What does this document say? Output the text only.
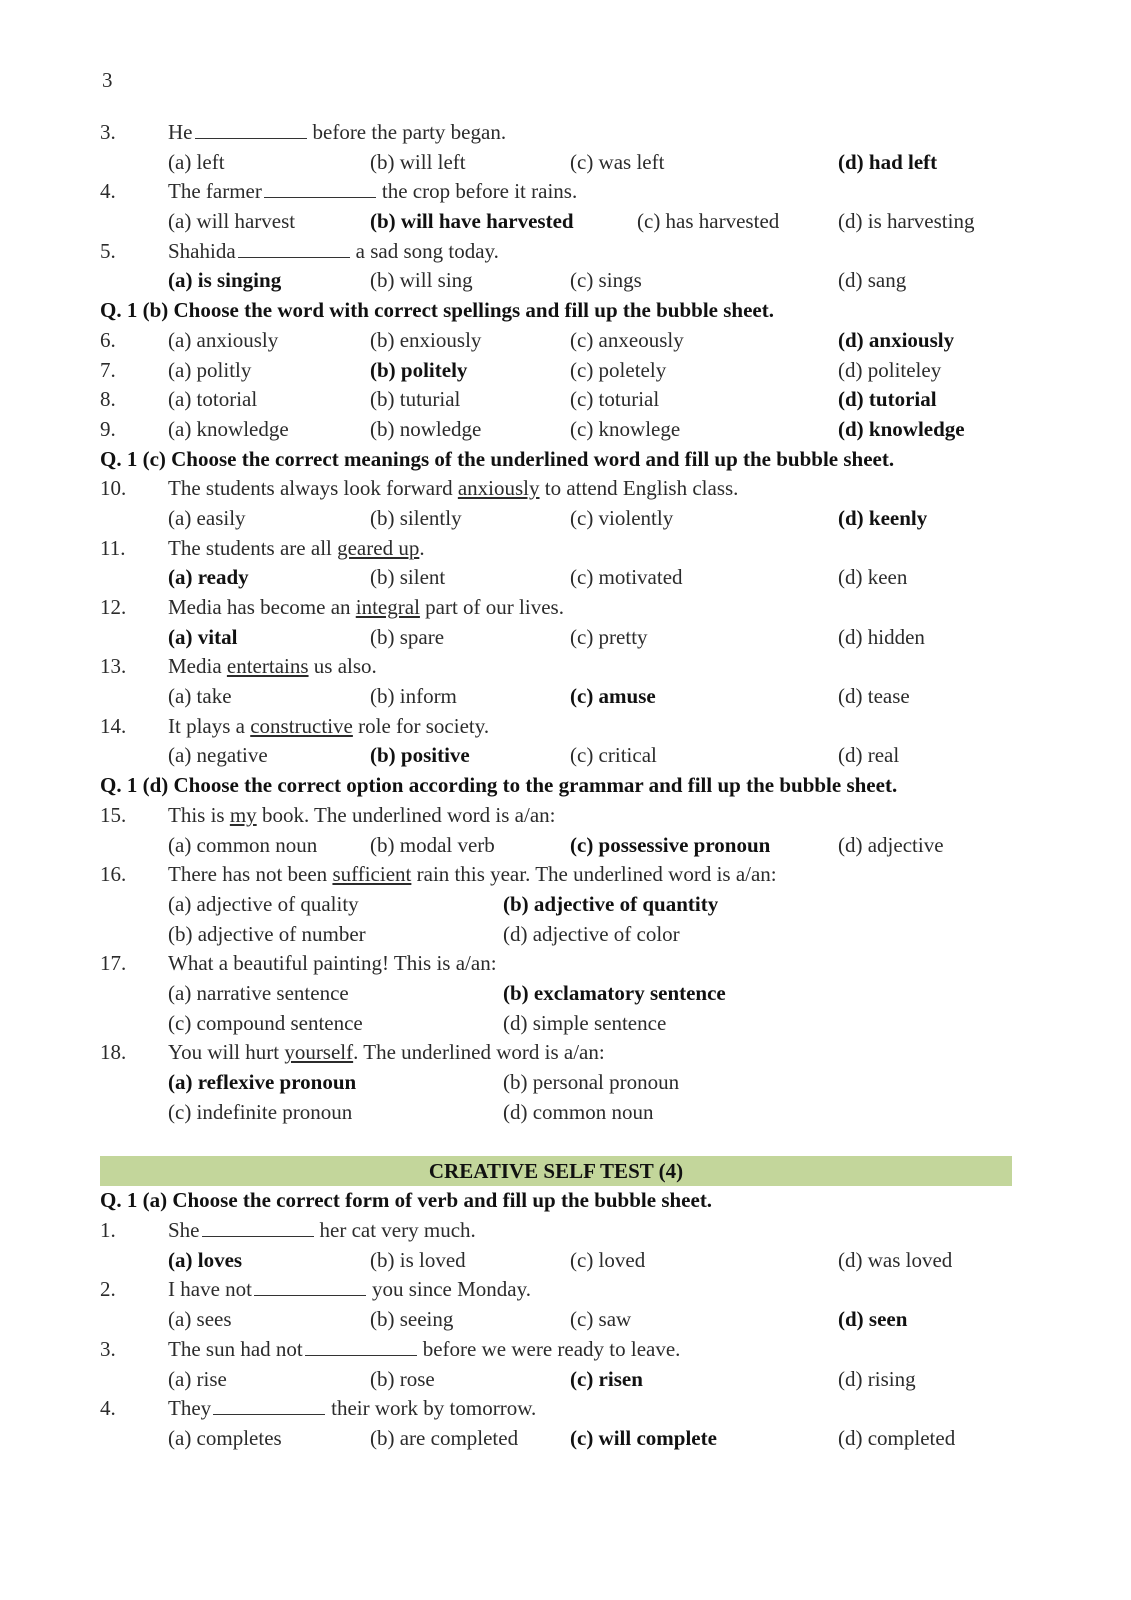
3
3. He	before the party began.
(a) left	(b) will left	(c) was left	(d) had left
4. The farmer	the crop before it rains.
(a) will harvest	(b) will have harvested	(c) has harvested	(d) is harvesting
5. Shahida	a sad song today.
(a) is singing	(b) will sing	(c) sings	(d) sang
Q. 1 (b) Choose the word with correct spellings and fill up the bubble sheet.
6. (a) anxiously	(b) enxiously	(c) anxeously	(d) anxiously
7. (a) politly	(b) politely	(c) poletely	(d) politeley
8. (a) totorial	(b) tuturial	(c) toturial	(d) tutorial
9. (a) knowledge	(b) nowledge	(c) knowlege	(d) knowledge
Q. 1 (c) Choose the correct meanings of the underlined word and fill up the bubble sheet.
10. The students always look forward anxiously to attend English class.
(a) easily	(b) silently	(c) violently	(d) keenly
11. The students are all geared up.
(a) ready	(b) silent	(c) motivated	(d) keen
12. Media has become an integral part of our lives.
(a) vital	(b) spare	(c) pretty	(d) hidden
13. Media entertains us also.
(a) take	(b) inform	(c) amuse	(d) tease
14. It plays a constructive role for society.
(a) negative	(b) positive	(c) critical	(d) real
Q. 1 (d) Choose the correct option according to the grammar and fill up the bubble sheet.
15. This is my book. The underlined word is a/an:
(a) common noun	(b) modal verb	(c) possessive pronoun	(d) adjective
16. There has not been sufficient rain this year. The underlined word is a/an:
(a) adjective of quality	(b) adjective of quantity
(b) adjective of number	(d) adjective of color
17. What a beautiful painting! This is a/an:
(a) narrative sentence	(b) exclamatory sentence
(c) compound sentence	(d) simple sentence
18. You will hurt yourself. The underlined word is a/an:
(a) reflexive pronoun	(b) personal pronoun
(c) indefinite pronoun	(d) common noun
CREATIVE SELF TEST (4)
Q. 1 (a) Choose the correct form of verb and fill up the bubble sheet.
1. She	her cat very much.
(a) loves	(b) is loved	(c) loved	(d) was loved
2. I have not	you since Monday.
(a) sees	(b) seeing	(c) saw	(d) seen
3. The sun had not	before we were ready to leave.
(a) rise	(b) rose	(c) risen	(d) rising
4. They	their work by tomorrow.
(a) completes	(b) are completed (c) will complete	(d) completed
